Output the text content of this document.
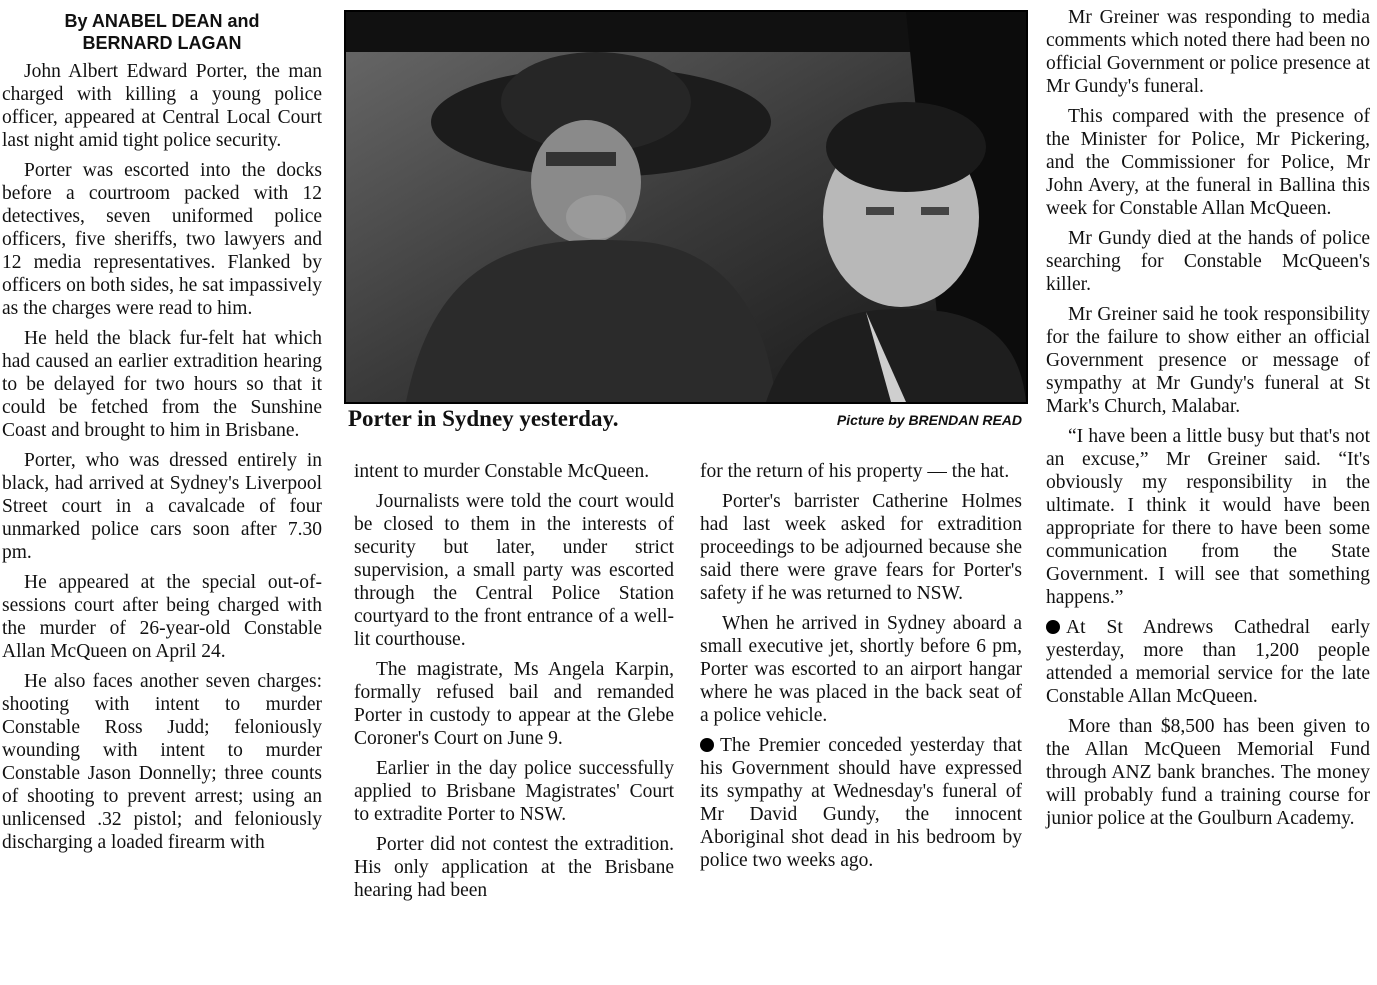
By ANABEL DEAN and
BERNARD LAGAN

John Albert Edward Porter, the man charged with killing a young police officer, appeared at Central Local Court last night amid tight police security.

Porter was escorted into the docks before a courtroom packed with 12 detectives, seven uniformed police officers, five sheriffs, two lawyers and 12 media representatives. Flanked by officers on both sides, he sat impassively as the charges were read to him.

He held the black fur-felt hat which had caused an earlier extradition hearing to be delayed for two hours so that it could be fetched from the Sunshine Coast and brought to him in Brisbane.

Porter, who was dressed entirely in black, had arrived at Sydney's Liverpool Street court in a cavalcade of four unmarked police cars soon after 7.30 pm.

He appeared at the special out-of-sessions court after being charged with the murder of 26-year-old Constable Allan McQueen on April 24.

He also faces another seven charges: shooting with intent to murder Constable Ross Judd; feloniously wounding with intent to murder Constable Jason Donnelly; three counts of shooting to prevent arrest; using an unlicensed .32 pistol; and feloniously discharging a loaded firearm with

Porter in Sydney yesterday.	Picture by BRENDAN READ

intent to murder Constable McQueen.

Journalists were told the court would be closed to them in the interests of security but later, under strict supervision, a small party was escorted through the Central Police Station courtyard to the front entrance of a well-lit courthouse.

The magistrate, Ms Angela Karpin, formally refused bail and remanded Porter in custody to appear at the Glebe Coroner's Court on June 9.

Earlier in the day police successfully applied to Brisbane Magistrates' Court to extradite Porter to NSW.

Porter did not contest the extradition. His only application at the Brisbane hearing had been

for the return of his property — the hat.

Porter's barrister Catherine Holmes had last week asked for extradition proceedings to be adjourned because she said there were grave fears for Porter's safety if he was returned to NSW.

When he arrived in Sydney aboard a small executive jet, shortly before 6 pm, Porter was escorted to an airport hangar where he was placed in the back seat of a police vehicle.

The Premier conceded yesterday that his Government should have expressed its sympathy at Wednesday's funeral of Mr David Gundy, the innocent Aboriginal shot dead in his bedroom by police two weeks ago.

Mr Greiner was responding to media comments which noted there had been no official Government or police presence at Mr Gundy's funeral.

This compared with the presence of the Minister for Police, Mr Pickering, and the Commissioner for Police, Mr John Avery, at the funeral in Ballina this week for Constable Allan McQueen.

Mr Gundy died at the hands of police searching for Constable McQueen's killer.

Mr Greiner said he took responsibility for the failure to show either an official Government presence or message of sympathy at Mr Gundy's funeral at St Mark's Church, Malabar.

“I have been a little busy but that's not an excuse,” Mr Greiner said. “It's obviously my responsibility in the ultimate. I think it would have been appropriate for there to have been some communication from the State Government. I will see that something happens.”

At St Andrews Cathedral early yesterday, more than 1,200 people attended a memorial service for the late Constable Allan McQueen.

More than $8,500 has been given to the Allan McQueen Memorial Fund through ANZ bank branches. The money will probably fund a training course for junior police at the Goulburn Academy.
